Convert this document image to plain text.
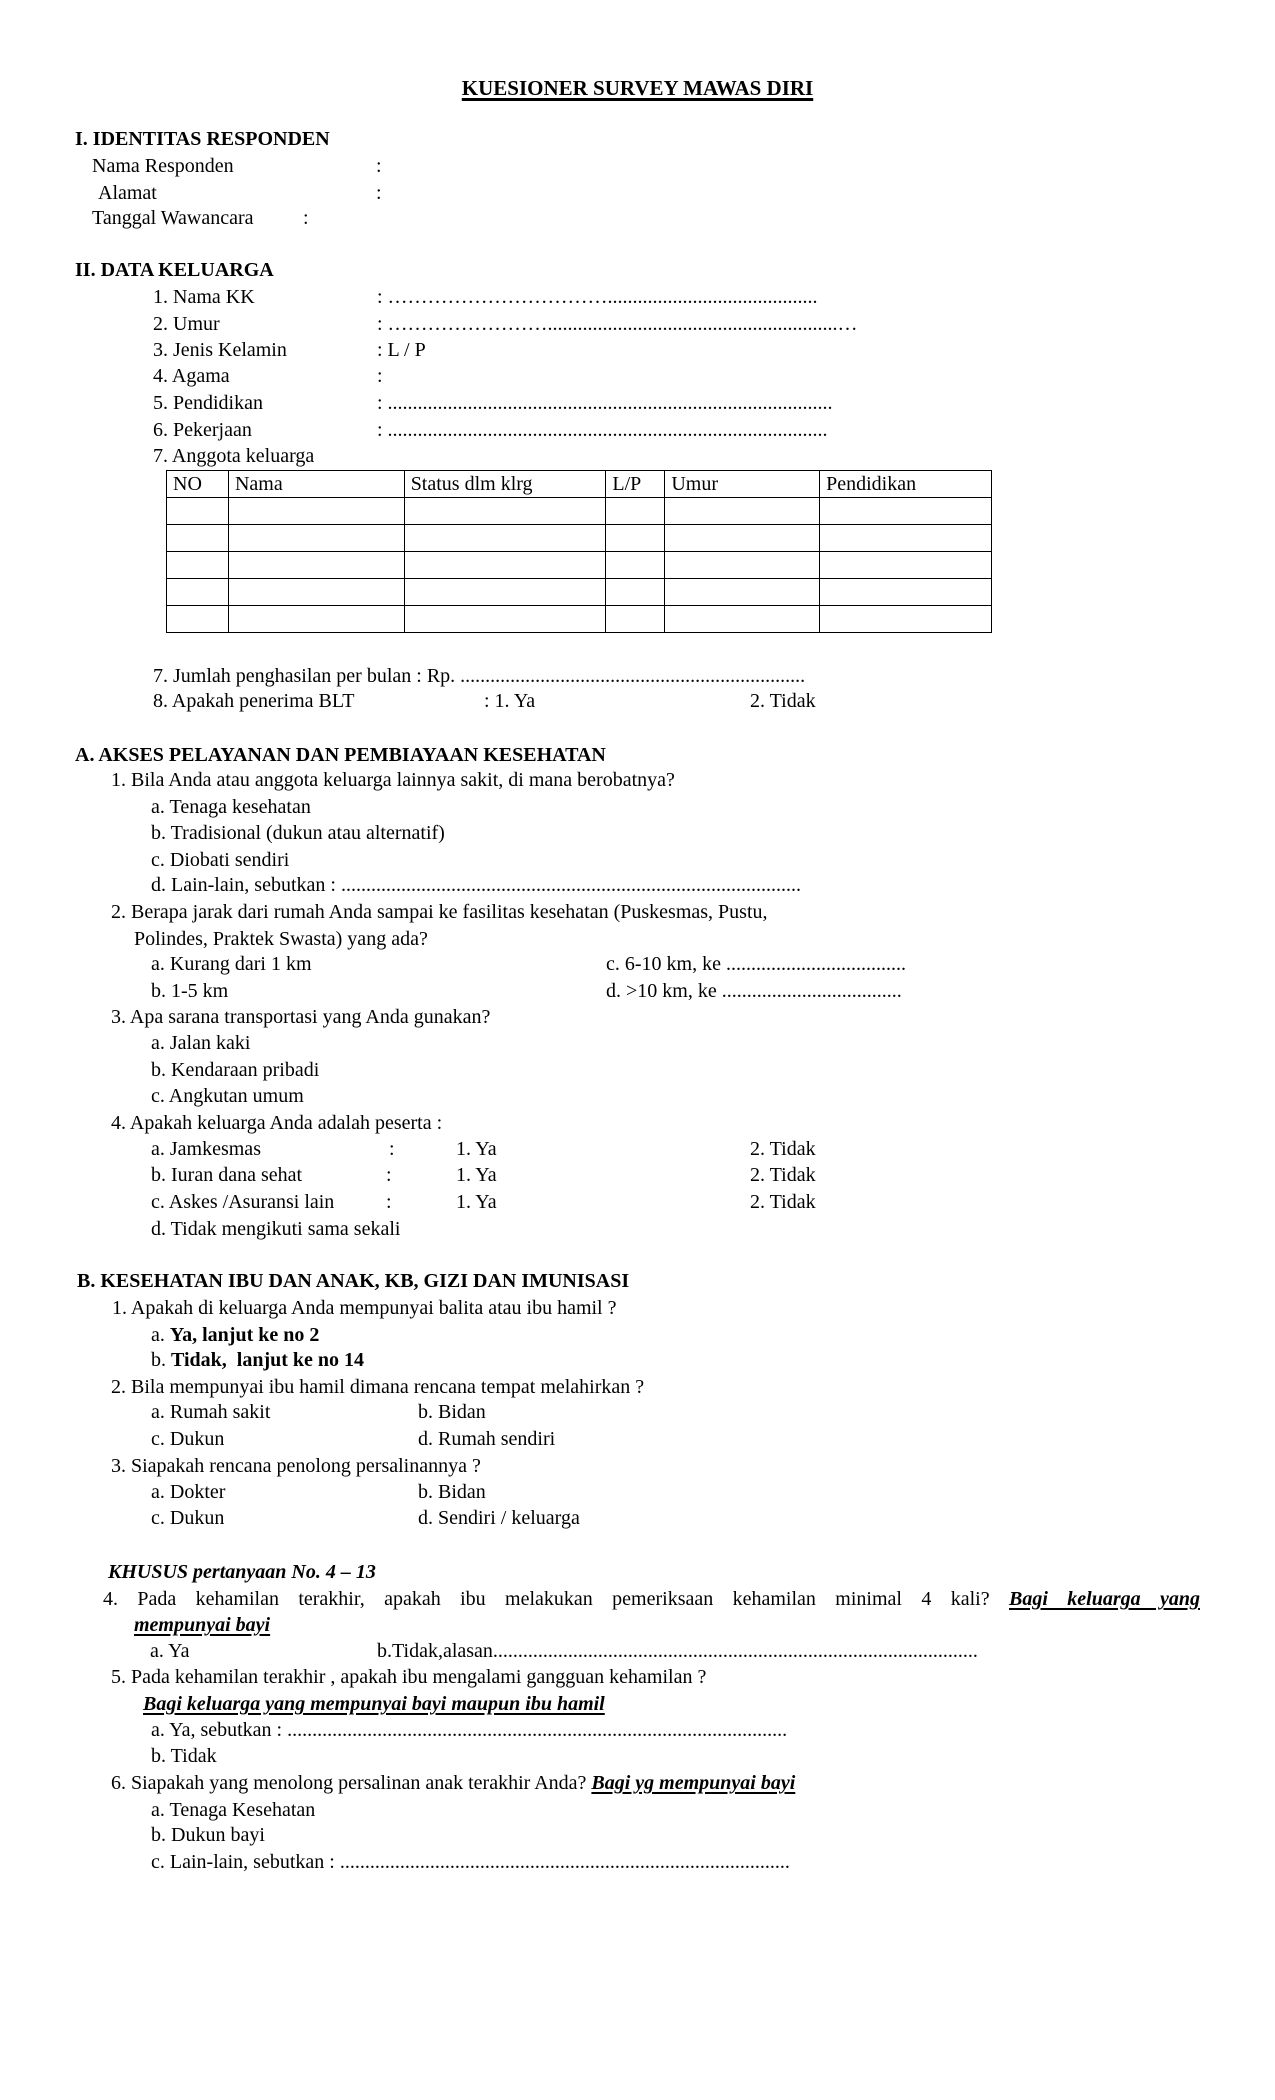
KUESIONER SURVEY MAWAS DIRI
I. IDENTITAS RESPONDEN
Nama Responden	:
Alamat	:
Tanggal Wawancara :
II. DATA KELUARGA
1. Nama KK	: ……………………………..........................................
2. Umur	: ……………………..........................................................…
3. Jenis Kelamin	: L / P
4. Agama	:
5. Pendidikan	: .........................................................................................
6. Pekerjaan	: ........................................................................................
7. Anggota keluarga
NO	Nama	Status dlm klrg	L/P	Umur	Pendidikan

7. Jumlah penghasilan per bulan : Rp. .....................................................................
8. Apakah penerima BLT	: 1. Ya	2. Tidak
A. AKSES PELAYANAN DAN PEMBIAYAAN KESEHATAN
1. Bila Anda atau anggota keluarga lainnya sakit, di mana berobatnya?
a. Tenaga kesehatan
b. Tradisional (dukun atau alternatif)
c. Diobati sendiri
d. Lain-lain, sebutkan : ............................................................................................
2. Berapa jarak dari rumah Anda sampai ke fasilitas kesehatan (Puskesmas, Pustu,
Polindes, Praktek Swasta) yang ada?
a. Kurang dari 1 km	c. 6-10 km, ke ....................................
b. 1-5 km	d. >10 km, ke ....................................
3. Apa sarana transportasi yang Anda gunakan?
a. Jalan kaki
b. Kendaraan pribadi
c. Angkutan umum
4. Apakah keluarga Anda adalah peserta :
a. Jamkesmas	:	1. Ya	2. Tidak
b. Iuran dana sehat	:	1. Ya	2. Tidak
c. Askes /Asuransi lain	:	1. Ya	2. Tidak
d. Tidak mengikuti sama sekali
B. KESEHATAN IBU DAN ANAK, KB, GIZI DAN IMUNISASI
1. Apakah di keluarga Anda mempunyai balita atau ibu hamil ?
a. Ya, lanjut ke no 2
b. Tidak,  lanjut ke no 14
2. Bila mempunyai ibu hamil dimana rencana tempat melahirkan ?
a. Rumah sakit	b. Bidan
c. Dukun	d. Rumah sendiri
3. Siapakah rencana penolong persalinannya ?
a. Dokter	b. Bidan
c. Dukun	d. Sendiri / keluarga
KHUSUS pertanyaan No. 4 – 13
4. Pada kehamilan terakhir, apakah ibu melakukan pemeriksaan kehamilan minimal 4 kali? Bagi keluarga yang
mempunyai bayi
a. Ya	b.Tidak,alasan.................................................................................................
5. Pada kehamilan terakhir , apakah ibu mengalami gangguan kehamilan ?
Bagi keluarga yang mempunyai bayi maupun ibu hamil
a. Ya, sebutkan : ....................................................................................................
b. Tidak
6. Siapakah yang menolong persalinan anak terakhir Anda? Bagi yg mempunyai bayi
a. Tenaga Kesehatan
b. Dukun bayi
c. Lain-lain, sebutkan : ..........................................................................................
